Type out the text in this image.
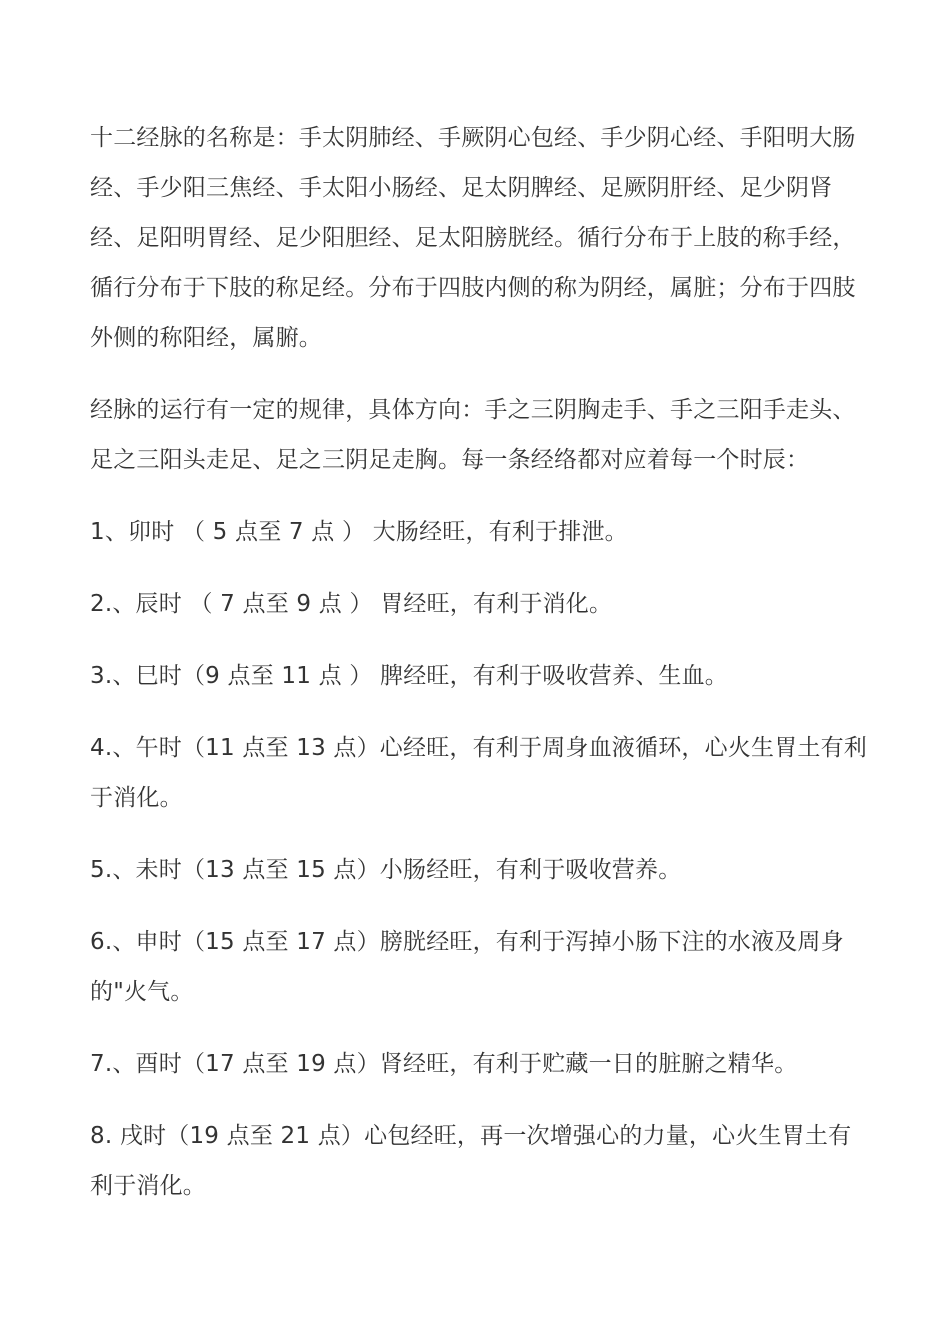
十二经脉的名称是：手太阴肺经、手厥阴心包经、手少阴心经、手阳明大肠经、手少阳三焦经、手太阳小肠经、足太阴脾经、足厥阴肝经、足少阴肾经、足阳明胃经、足少阳胆经、足太阳膀胱经。循行分布于上肢的称手经，循行分布于下肢的称足经。分布于四肢内侧的称为阴经，属脏；分布于四肢外侧的称阳经，属腑。

经脉的运行有一定的规律，具体方向：手之三阴胸走手、手之三阳手走头、足之三阳头走足、足之三阴足走胸。每一条经络都对应着每一个时辰：

1、卯时 （ 5 点至 7 点 ） 大肠经旺，有利于排泄。

2.、辰时 （ 7 点至 9 点 ） 胃经旺，有利于消化。

3.、巳时（9 点至 11 点 ） 脾经旺，有利于吸收营养、生血。

4.、午时（11 点至 13 点）心经旺，有利于周身血液循环，心火生胃土有利于消化。

5.、未时（13 点至 15 点）小肠经旺，有利于吸收营养。

6.、申时（15 点至 17 点）膀胱经旺，有利于泻掉小肠下注的水液及周身的"火气。

7.、酉时（17 点至 19 点）肾经旺，有利于贮藏一日的脏腑之精华。

8. 戌时（19 点至 21 点）心包经旺，再一次增强心的力量，心火生胃土有利于消化。
